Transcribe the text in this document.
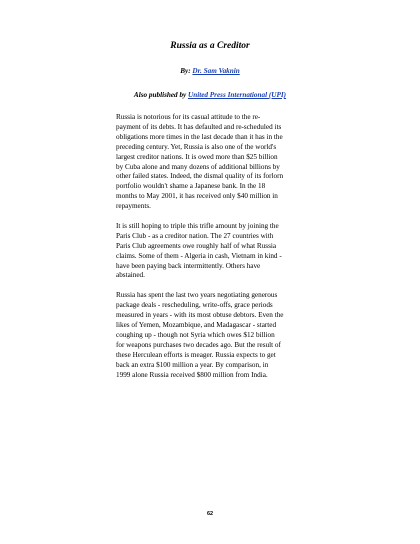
Russia as a Creditor
By: Dr. Sam Vaknin
Also published by United Press International (UPI)
Russia is notorious for its casual attitude to the re-
payment of its debts. It has defaulted and re-scheduled its
obligations more times in the last decade than it has in the
preceding century. Yet, Russia is also one of the world's
largest creditor nations. It is owed more than $25 billion
by Cuba alone and many dozens of additional billions by
other failed states. Indeed, the dismal quality of its forlorn
portfolio wouldn't shame a Japanese bank. In the 18
months to May 2001, it has received only $40 million in
repayments.
It is still hoping to triple this trifle amount by joining the
Paris Club - as a creditor nation. The 27 countries with
Paris Club agreements owe roughly half of what Russia
claims. Some of them - Algeria in cash, Vietnam in kind -
have been paying back intermittently. Others have
abstained.
Russia has spent the last two years negotiating generous
package deals - rescheduling, write-offs, grace periods
measured in years - with its most obtuse debtors. Even the
likes of Yemen, Mozambique, and Madagascar - started
coughing up - though not Syria which owes $12 billion
for weapons purchases two decades ago. But the result of
these Herculean efforts is meager. Russia expects to get
back an extra $100 million a year. By comparison, in
1999 alone Russia received $800 million from India.
62
